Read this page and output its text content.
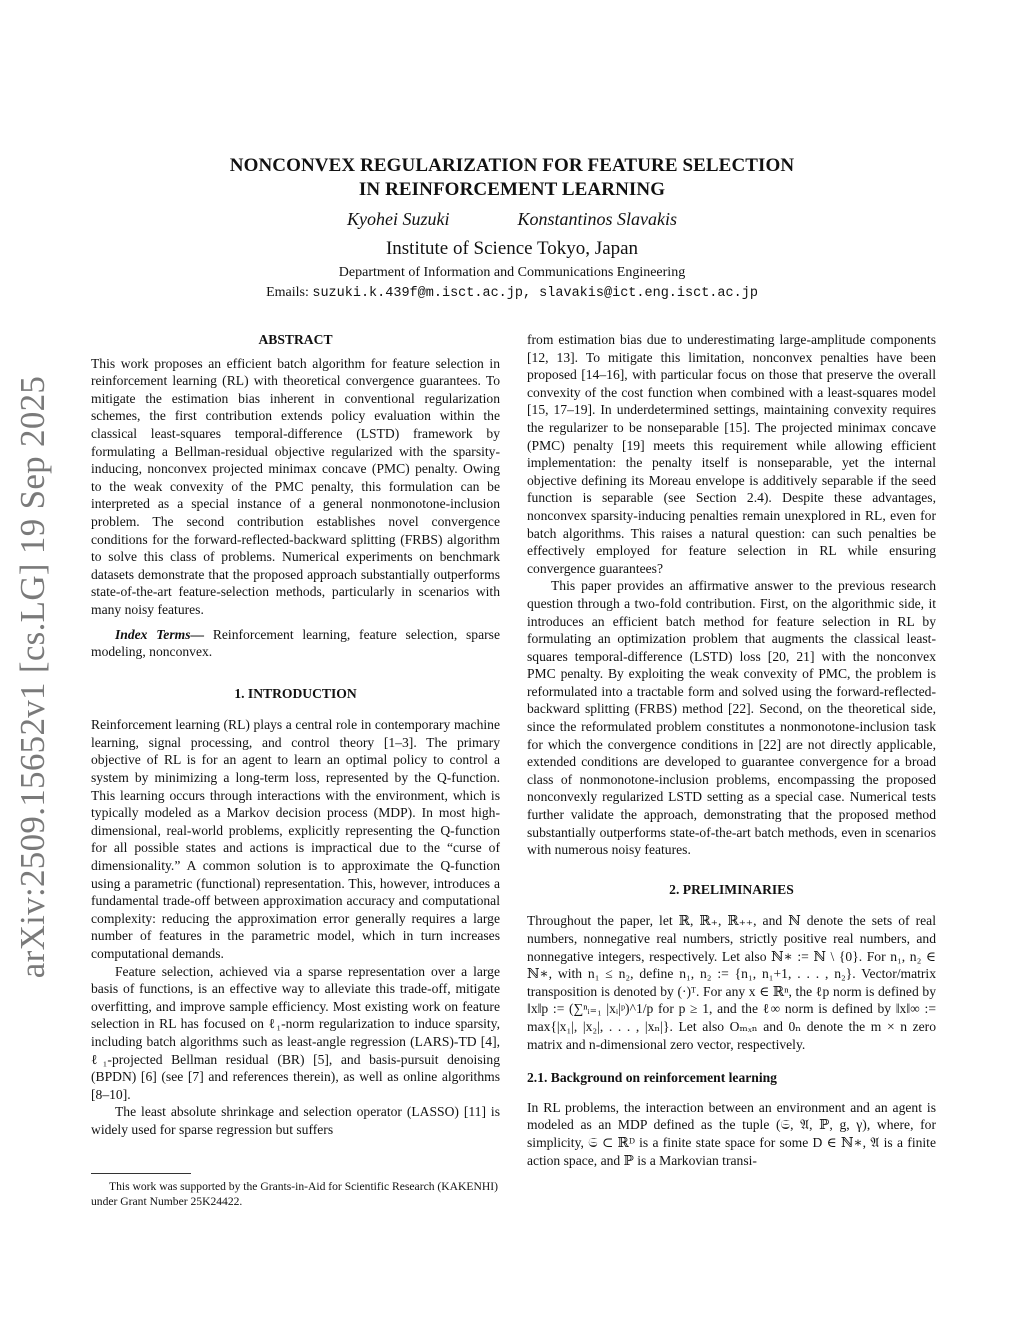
arXiv:2509.15652v1 [cs.LG] 19 Sep 2025
NONCONVEX REGULARIZATION FOR FEATURE SELECTION
IN REINFORCEMENT LEARNING
Kyohei Suzuki	Konstantinos Slavakis
Institute of Science Tokyo, Japan
Department of Information and Communications Engineering
Emails: suzuki.k.439f@m.isct.ac.jp, slavakis@ict.eng.isct.ac.jp

ABSTRACT

This work proposes an efficient batch algorithm for feature selection in reinforcement learning (RL) with theoretical convergence guarantees. To mitigate the estimation bias inherent in conventional regularization schemes, the first contribution extends policy evaluation within the classical least-squares temporal-difference (LSTD) framework by formulating a Bellman-residual objective regularized with the sparsity-inducing, nonconvex projected minimax concave (PMC) penalty. Owing to the weak convexity of the PMC penalty, this formulation can be interpreted as a special instance of a general nonmonotone-inclusion problem. The second contribution establishes novel convergence conditions for the forward-reflected-backward splitting (FRBS) algorithm to solve this class of problems. Numerical experiments on benchmark datasets demonstrate that the proposed approach substantially outperforms state-of-the-art feature-selection methods, particularly in scenarios with many noisy features.

Index Terms— Reinforcement learning, feature selection, sparse modeling, nonconvex.

1. INTRODUCTION

Reinforcement learning (RL) plays a central role in contemporary machine learning, signal processing, and control theory [1–3]. The primary objective of RL is for an agent to learn an optimal policy to control a system by minimizing a long-term loss, represented by the Q-function. This learning occurs through interactions with the environment, which is typically modeled as a Markov decision process (MDP). In most high-dimensional, real-world problems, explicitly representing the Q-function for all possible states and actions is impractical due to the “curse of dimensionality.” A common solution is to approximate the Q-function using a parametric (functional) representation. This, however, introduces a fundamental trade-off between approximation accuracy and computational complexity: reducing the approximation error generally requires a large number of features in the parametric model, which in turn increases computational demands.

Feature selection, achieved via a sparse representation over a large basis of functions, is an effective way to alleviate this trade-off, mitigate overfitting, and improve sample efficiency. Most existing work on feature selection in RL has focused on ℓ₁-norm regularization to induce sparsity, including batch algorithms such as least-angle regression (LARS)-TD [4], ℓ₁-projected Bellman residual (BR) [5], and basis-pursuit denoising (BPDN) [6] (see [7] and references therein), as well as online algorithms [8–10].

The least absolute shrinkage and selection operator (LASSO) [11] is widely used for sparse regression but suffers

This work was supported by the Grants-in-Aid for Scientific Research (KAKENHI) under Grant Number 25K24422.

from estimation bias due to underestimating large-amplitude components [12, 13]. To mitigate this limitation, nonconvex penalties have been proposed [14–16], with particular focus on those that preserve the overall convexity of the cost function when combined with a least-squares model [15, 17–19]. In underdetermined settings, maintaining convexity requires the regularizer to be nonseparable [15]. The projected minimax concave (PMC) penalty [19] meets this requirement while allowing efficient implementation: the penalty itself is nonseparable, yet the internal objective defining its Moreau envelope is additively separable if the seed function is separable (see Section 2.4). Despite these advantages, nonconvex sparsity-inducing penalties remain unexplored in RL, even for batch algorithms. This raises a natural question: can such penalties be effectively employed for feature selection in RL while ensuring convergence guarantees?

This paper provides an affirmative answer to the previous research question through a two-fold contribution. First, on the algorithmic side, it introduces an efficient batch method for feature selection in RL by formulating an optimization problem that augments the classical least-squares temporal-difference (LSTD) loss [20, 21] with the nonconvex PMC penalty. By exploiting the weak convexity of PMC, the problem is reformulated into a tractable form and solved using the forward-reflected-backward splitting (FRBS) method [22]. Second, on the theoretical side, since the reformulated problem constitutes a nonmonotone-inclusion task for which the convergence conditions in [22] are not directly applicable, extended conditions are developed to guarantee convergence for a broad class of nonmonotone-inclusion problems, encompassing the proposed nonconvexly regularized LSTD setting as a special case. Numerical tests further validate the approach, demonstrating that the proposed method substantially outperforms state-of-the-art batch methods, even in scenarios with numerous noisy features.

2. PRELIMINARIES

Throughout the paper, let ℝ, ℝ₊, ℝ₊₊, and ℕ denote the sets of real numbers, nonnegative real numbers, strictly positive real numbers, and nonnegative integers, respectively. Let also ℕ∗ := ℕ \ {0}. For n₁, n₂ ∈ ℕ∗, with n₁ ≤ n₂, define n₁, n₂ := {n₁, n₁+1, . . . , n₂}. Vector/matrix transposition is denoted by (·)ᵀ. For any x ∈ ℝⁿ, the ℓp norm is defined by ‖x‖p := (∑ⁿᵢ₌₁ |xᵢ|ᵖ)^1/p for p ≥ 1, and the ℓ∞ norm is defined by ‖x‖∞ := max{|x₁|, |x₂|, . . . , |xₙ|}. Let also Oₘₓₙ and 0ₙ denote the m × n zero matrix and n-dimensional zero vector, respectively.

2.1. Background on reinforcement learning

In RL problems, the interaction between an environment and an agent is modeled as an MDP defined as the tuple (𝔖, 𝔄, ℙ, g, γ), where, for simplicity, 𝔖 ⊂ ℝᴰ is a finite state space for some D ∈ ℕ∗, 𝔄 is a finite action space, and ℙ is a Markovian transi-
